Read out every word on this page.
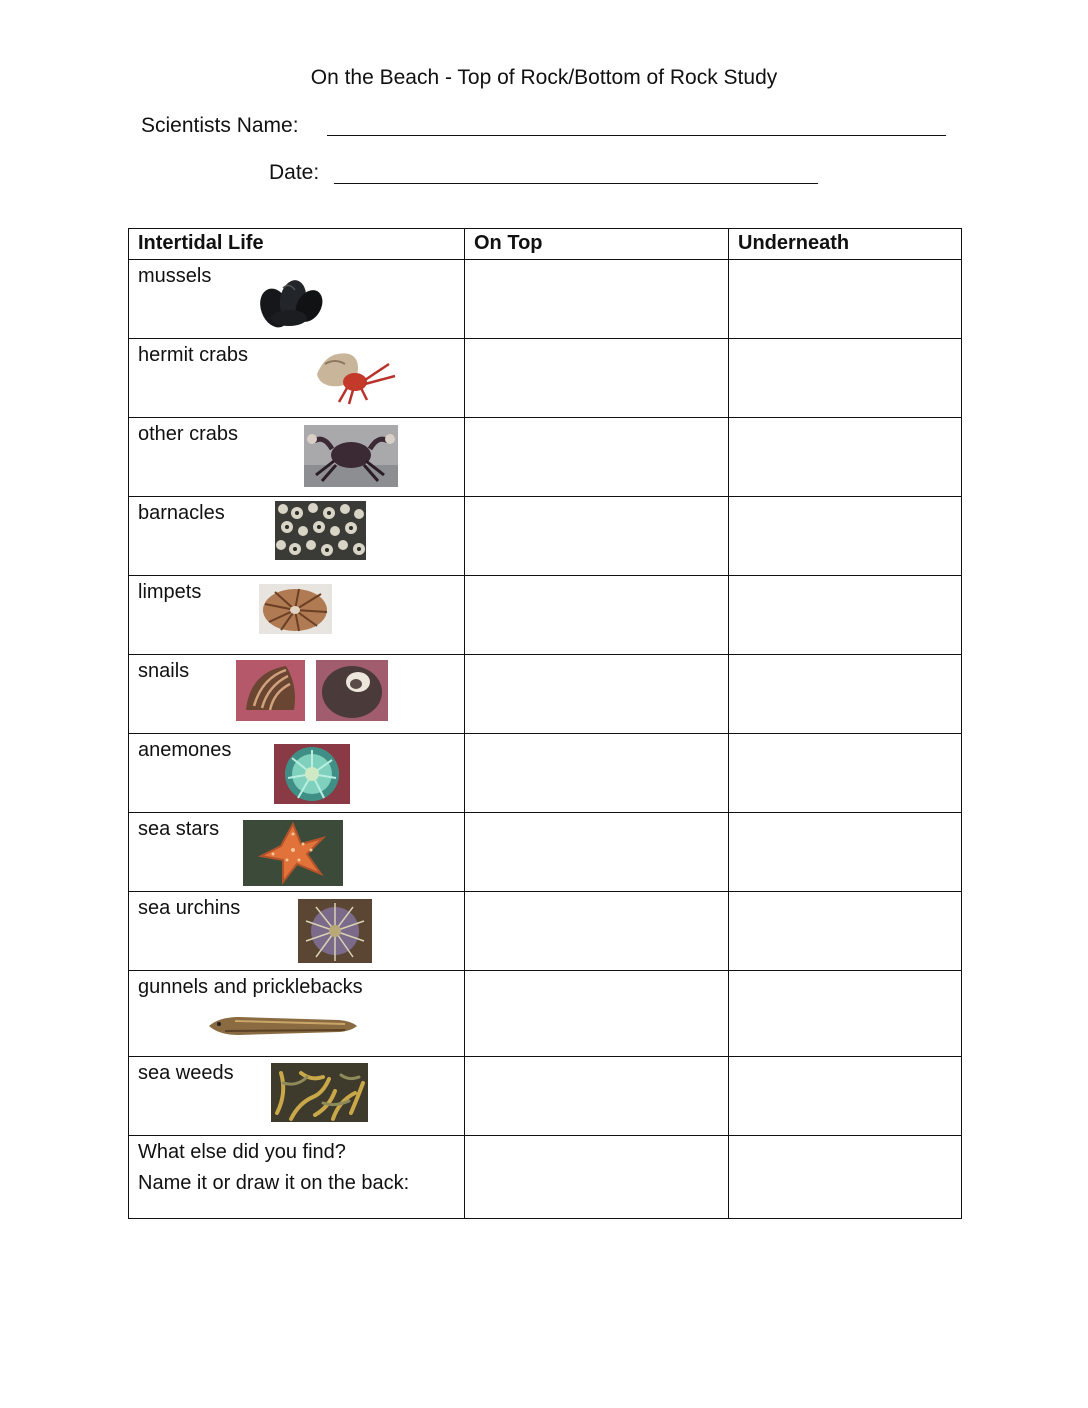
On the Beach - Top of Rock/Bottom of Rock Study
Scientists Name:
Date:
Intertidal Life	On Top	Underneath

mussels		

hermit crabs		

other crabs		

barnacles		

limpets		

snails		

anemones		

sea stars		

sea urchins		

gunnels and pricklebacks		

sea weeds		

What else did you find?
Name it or draw it on the back:		
